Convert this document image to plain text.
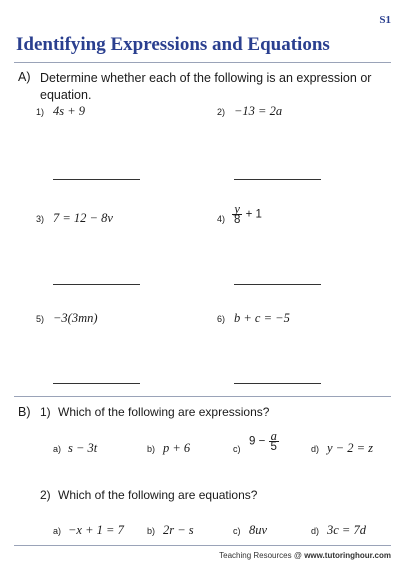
S1
Identifying Expressions and Equations
A) Determine whether each of the following is an expression or equation.
1) 4s + 9	2) −13 = 2a
3) 7 = 12 − 8v	$4) \frac{y}{8} + 1$
5) −3(3mn)	6) b + c = −5
B) 1) Which of the following are expressions?
a) s − 3t	b) p + 6	c)
$9 - \frac{a}{5}$	d) y − 2 = z
2) Which of the following are equations?
a) −x + 1 = 7	b) 2r − s	c) 8uv	d) 3c = 7d
Teaching Resources @ www.tutoringhour.com
